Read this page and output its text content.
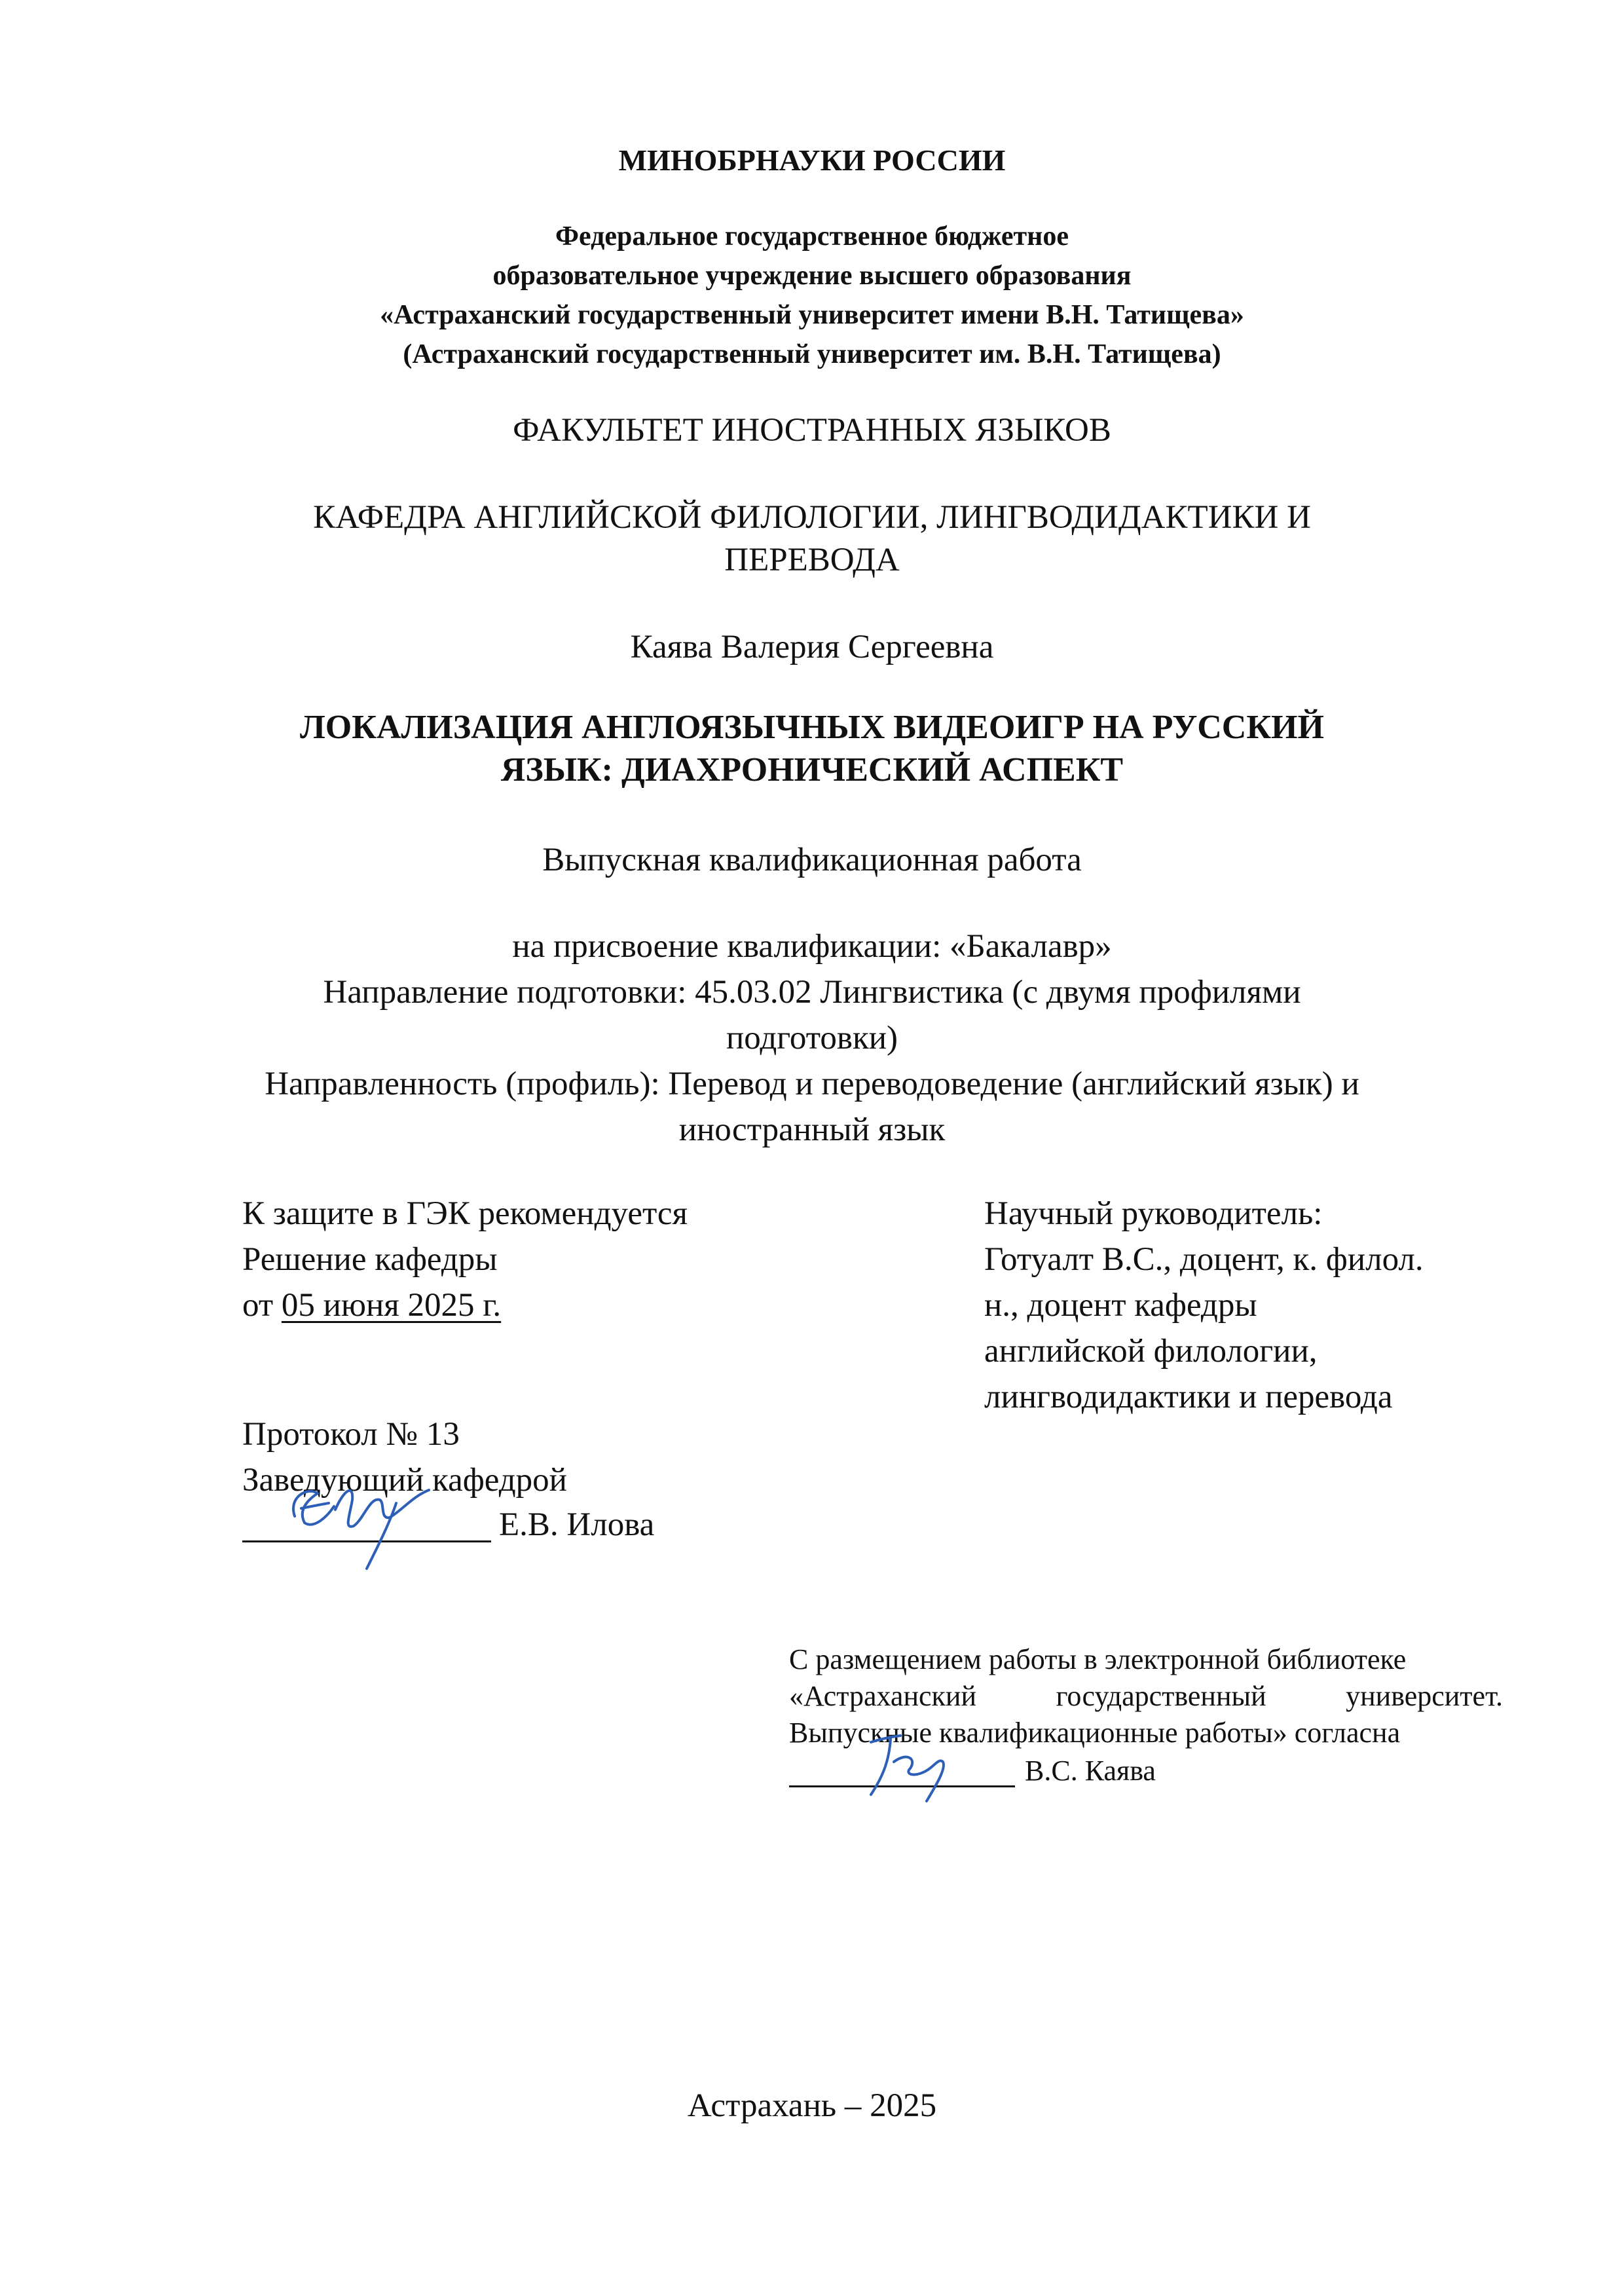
МИНОБРНАУКИ РОССИИ
Федеральное государственное бюджетное
образовательное учреждение высшего образования
«Астраханский государственный университет имени В.Н. Татищева»
(Астраханский государственный университет им. В.Н. Татищева)
ФАКУЛЬТЕТ ИНОСТРАННЫХ ЯЗЫКОВ
КАФЕДРА АНГЛИЙСКОЙ ФИЛОЛОГИИ, ЛИНГВОДИДАКТИКИ И
ПЕРЕВОДА
Каява Валерия Сергеевна
ЛОКАЛИЗАЦИЯ АНГЛОЯЗЫЧНЫХ ВИДЕОИГР НА РУССКИЙ
ЯЗЫК: ДИАХРОНИЧЕСКИЙ АСПЕКТ
Выпускная квалификационная работа
на присвоение квалификации: «Бакалавр»
Направление подготовки: 45.03.02 Лингвистика (с двумя профилями
подготовки)
Направленность (профиль): Перевод и переводоведение (английский язык) и
иностранный язык
К защите в ГЭК рекомендуется
Решение кафедры
от 05 июня 2025 г.
Протокол № 13
Заведующий кафедрой
Е.В. Илова
Научный руководитель:
Готуалт В.С., доцент, к. филол.
н., доцент кафедры
английской филологии,
лингводидактики и перевода
С размещением работы в электронной библиотеке
«Астраханский	государственный	университет.
Выпускные квалификационные работы» согласна
В.С. Каява
Астрахань – 2025
